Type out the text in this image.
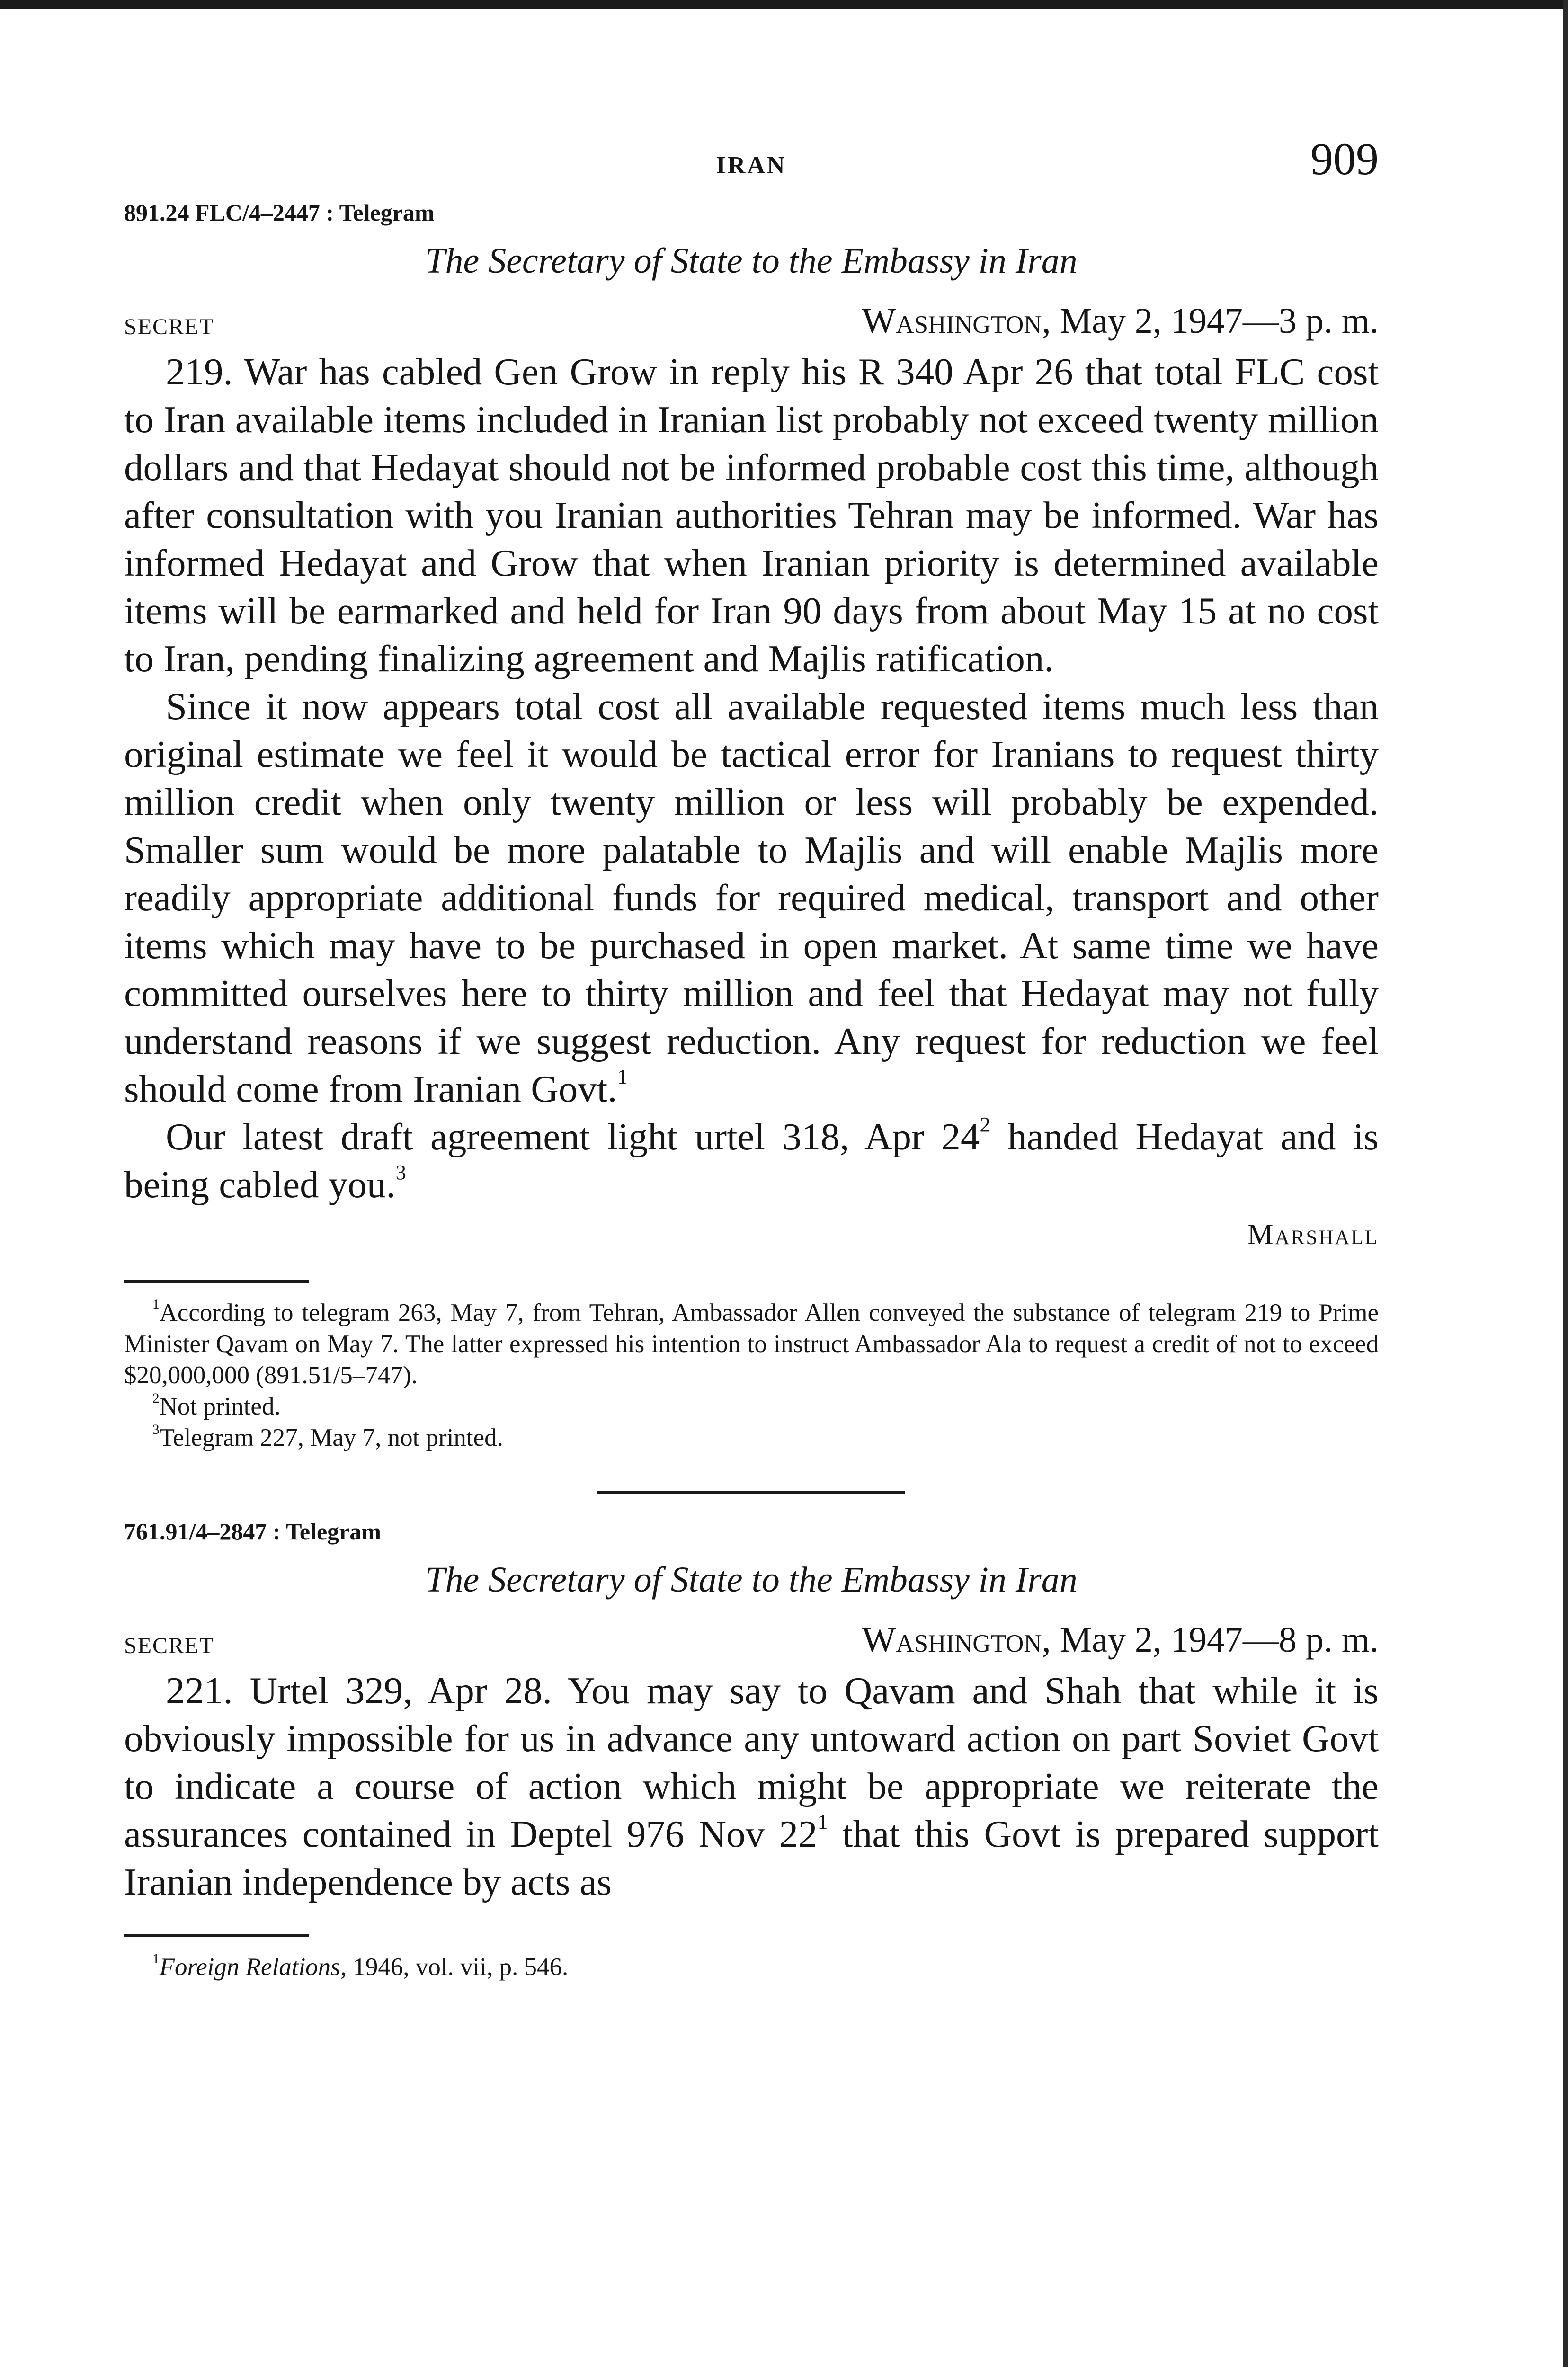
IRAN	909
891.24 FLC/4–2447 : Telegram
The Secretary of State to the Embassy in Iran
SECRET	Washington, May 2, 1947—3 p. m.

219. War has cabled Gen Grow in reply his R 340 Apr 26 that total FLC cost to Iran available items included in Iranian list probably not exceed twenty million dollars and that Hedayat should not be informed probable cost this time, although after consultation with you Iranian authorities Tehran may be informed. War has informed Hedayat and Grow that when Iranian priority is determined available items will be earmarked and held for Iran 90 days from about May 15 at no cost to Iran, pending finalizing agreement and Majlis ratification.

Since it now appears total cost all available requested items much less than original estimate we feel it would be tactical error for Iranians to request thirty million credit when only twenty million or less will probably be expended. Smaller sum would be more palatable to Majlis and will enable Majlis more readily appropriate additional funds for required medical, transport and other items which may have to be purchased in open market. At same time we have committed ourselves here to thirty million and feel that Hedayat may not fully understand reasons if we suggest reduction. Any request for reduction we feel should come from Iranian Govt.$^1$

Our latest draft agreement light urtel 318, Apr $24^2$ handed Hedayat and is being cabled you.$^3$

Marshall

$^1$According to telegram 263, May 7, from Tehran, Ambassador Allen conveyed the substance of telegram 219 to Prime Minister Qavam on May 7. The latter expressed his intention to instruct Ambassador Ala to request a credit of not to exceed $20,000,000 (891.51/5–747).

$^2$Not printed.

$^3$Telegram 227, May 7, not printed.

761.91/4–2847 : Telegram
The Secretary of State to the Embassy in Iran
SECRET	Washington, May 2, 1947—8 p. m.

221. Urtel 329, Apr 28. You may say to Qavam and Shah that while it is obviously impossible for us in advance any untoward action on part Soviet Govt to indicate a course of action which might be appropriate we reiterate the assurances contained in Deptel 976 Nov $22^1$ that this Govt is prepared support Iranian independence by acts as

$^1$Foreign Relations, 1946, vol. vii, p. 546.
